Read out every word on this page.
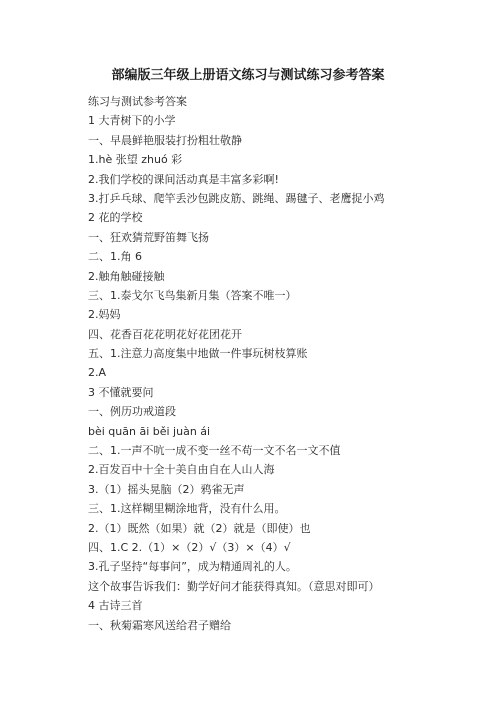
部编版三年级上册语文练习与测试练习参考答案
练习与测试参考答案
1 大青树下的小学
一、早晨鲜艳服装打扮粗壮敬静
1.hè 张望 zhuó 彩
2.我们学校的课间活动真是丰富多彩啊!
3.打乒乓球、爬竿丢沙包跳皮筋、跳绳、踢毽子、老鹰捉小鸡
2 花的学校
一、狂欢猜荒野笛舞飞扬
二、1.角 6
2.触角触碰接触
三、1.泰戈尔飞鸟集新月集（答案不唯一）
2.妈妈
四、花香百花花明花好花团花开
五、1.注意力高度集中地做一件事玩树枝算账
2.A
3 不懂就要问
一、例历功戒道段
bèi quān āi běi juàn ái
二、1.一声不吭一成不变一丝不苟一文不名一文不值
2.百发百中十全十美自由自在人山人海
3.（1）摇头晃脑（2）鸦雀无声
三、1.这样糊里糊涂地背，没有什么用。
2.（1）既然（如果）就（2）就是（即使）也
四、1.C 2.（1）×（2）√（3）×（4）√
3.孔子坚持“每事问”，成为精通周礼的人。
这个故事告诉我们：勤学好问才能获得真知。（意思对即可）
4 古诗三首
一、秋菊霜寒风送给君子赠给
